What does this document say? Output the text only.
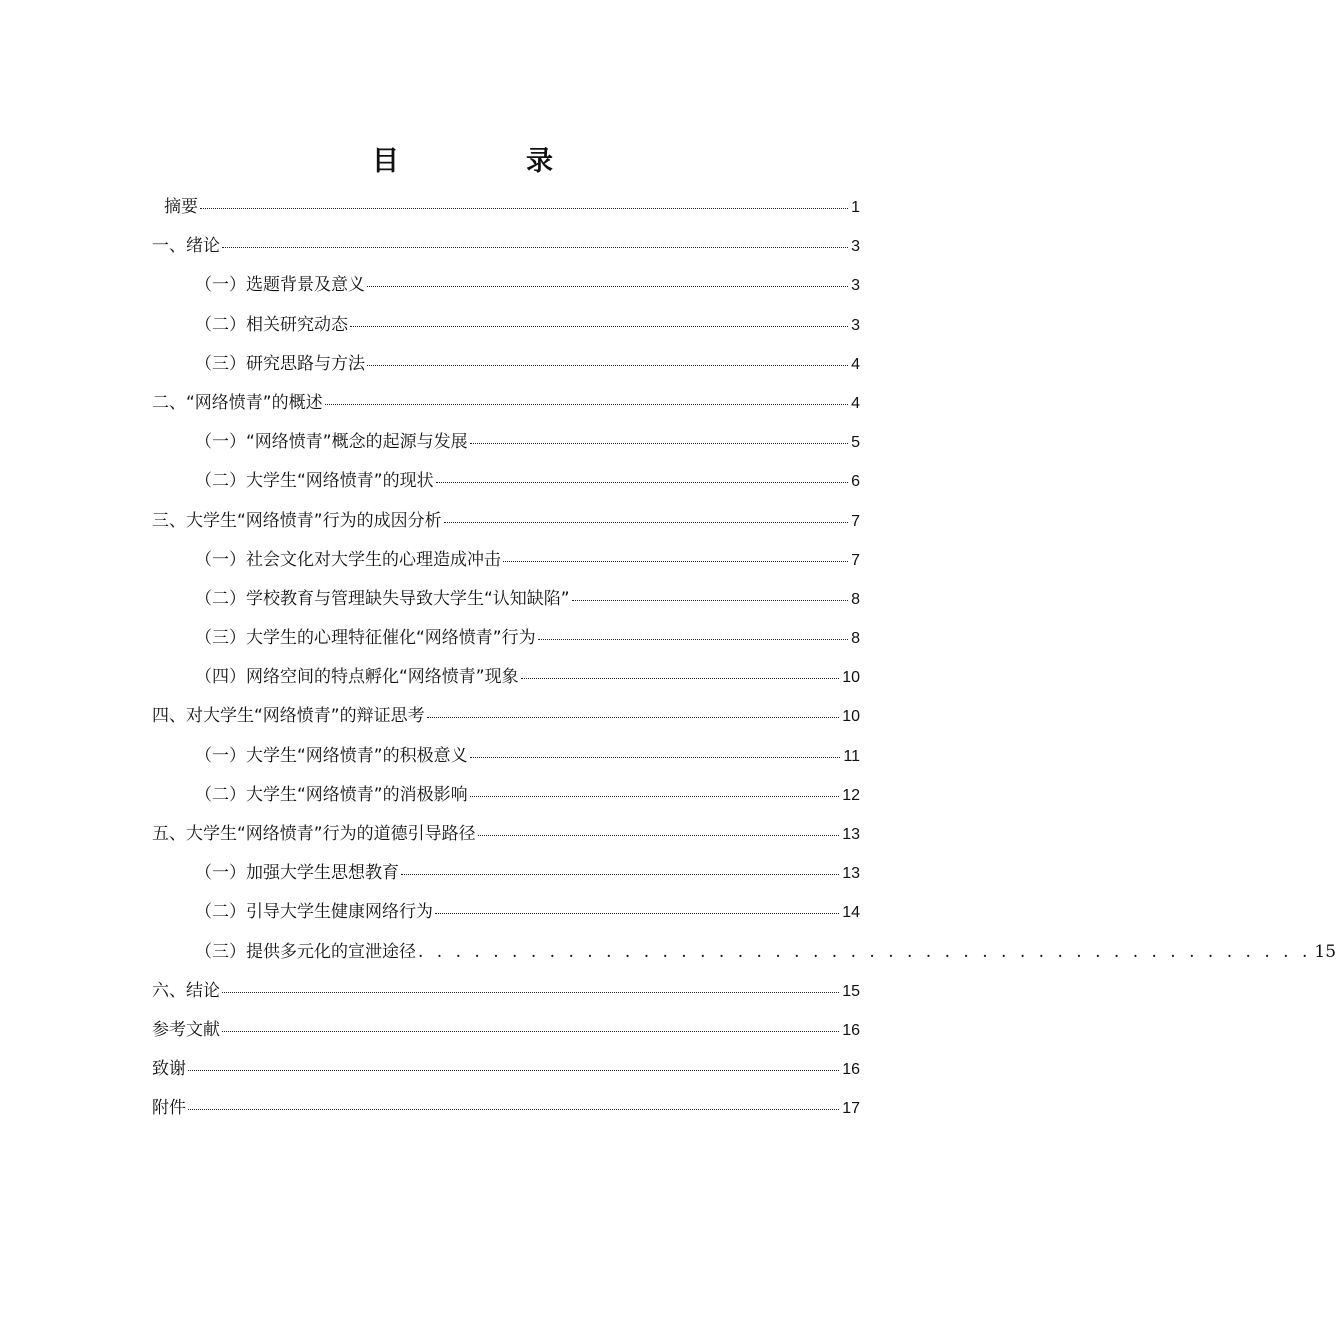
目　录
摘要	1
一、绪论	3
（一）选题背景及意义	3
（二）相关研究动态	3
（三）研究思路与方法	4
二、“网络愤青”的概述	4
（一）“网络愤青”概念的起源与发展	5
（二）大学生“网络愤青”的现状	6
三、大学生“网络愤青”行为的成因分析	7
（一）社会文化对大学生的心理造成冲击	7
（二）学校教育与管理缺失导致大学生“认知缺陷”	8
（三）大学生的心理特征催化“网络愤青”行为	8
（四）网络空间的特点孵化“网络愤青”现象	10
四、对大学生“网络愤青”的辩证思考	10
（一）大学生“网络愤青”的积极意义	11
（二）大学生“网络愤青”的消极影响	12
五、大学生“网络愤青”行为的道德引导路径	13
（一）加强大学生思想教育	13
（二）引导大学生健康网络行为	14
（三）提供多元化的宣泄途径 . . . . . . . . . . . . . . . . . . . . . . . . . . . . . . . . . . . . . . . . . . . . . . . . 15
六、结论	15
参考文献	16
致谢	16
附件	17
